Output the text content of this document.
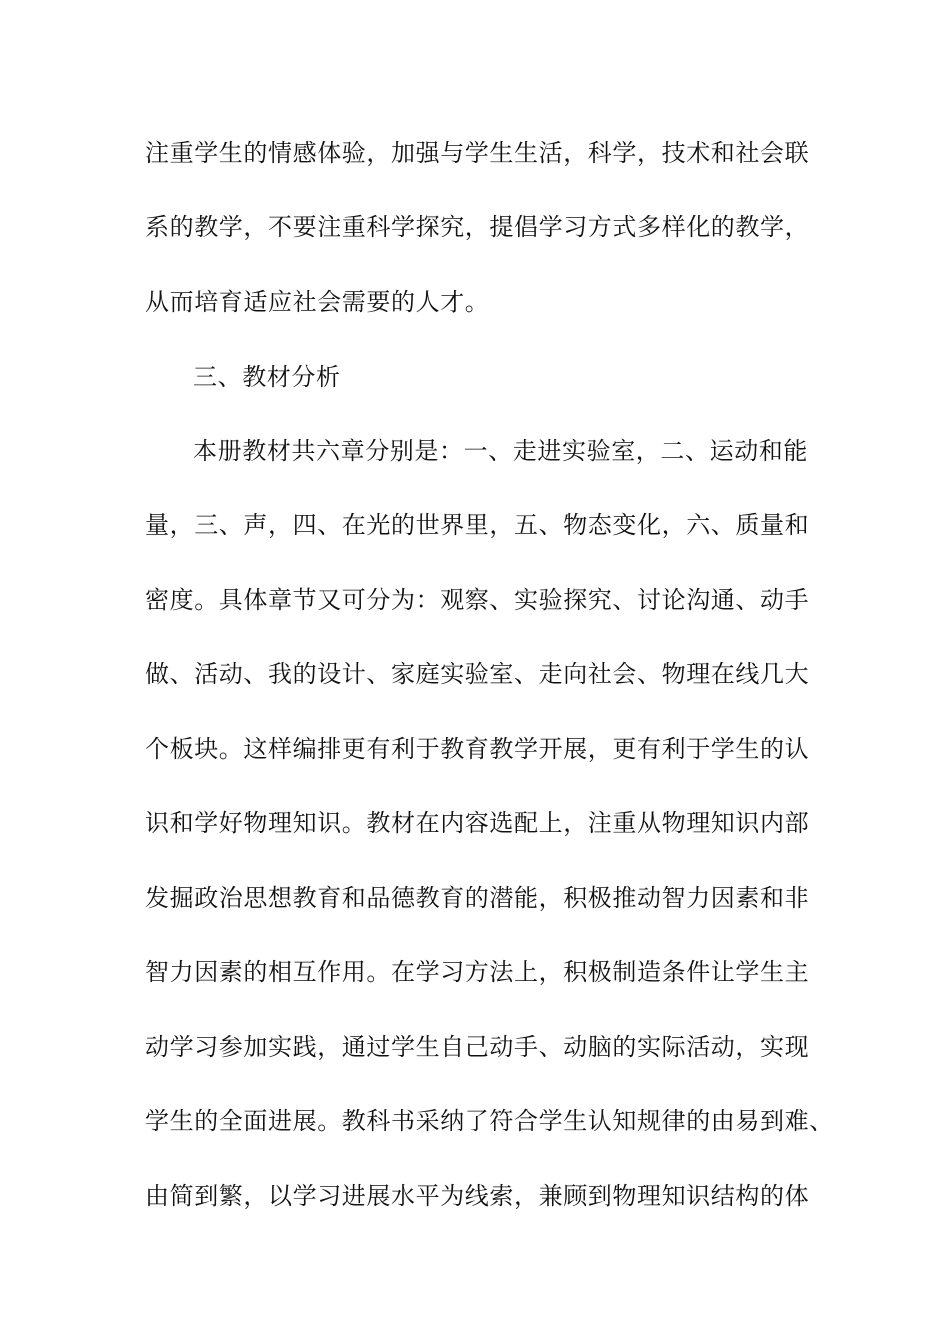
注重学生的情感体验，加强与学生生活，科学，技术和社会联

系的教学，不要注重科学探究，提倡学习方式多样化的教学，

从而培育适应社会需要的人才。

三、教材分析

本册教材共六章分别是：一、走进实验室，二、运动和能

量，三、声，四、在光的世界里，五、物态变化，六、质量和

密度。具体章节又可分为：观察、实验探究、讨论沟通、动手

做、活动、我的设计、家庭实验室、走向社会、物理在线几大

个板块。这样编排更有利于教育教学开展，更有利于学生的认

识和学好物理知识。教材在内容选配上，注重从物理知识内部

发掘政治思想教育和品德教育的潜能，积极推动智力因素和非

智力因素的相互作用。在学习方法上，积极制造条件让学生主

动学习参加实践，通过学生自己动手、动脑的实际活动，实现

学生的全面进展。教科书采纳了符合学生认知规律的由易到难、

由简到繁，以学习进展水平为线索，兼顾到物理知识结构的体
